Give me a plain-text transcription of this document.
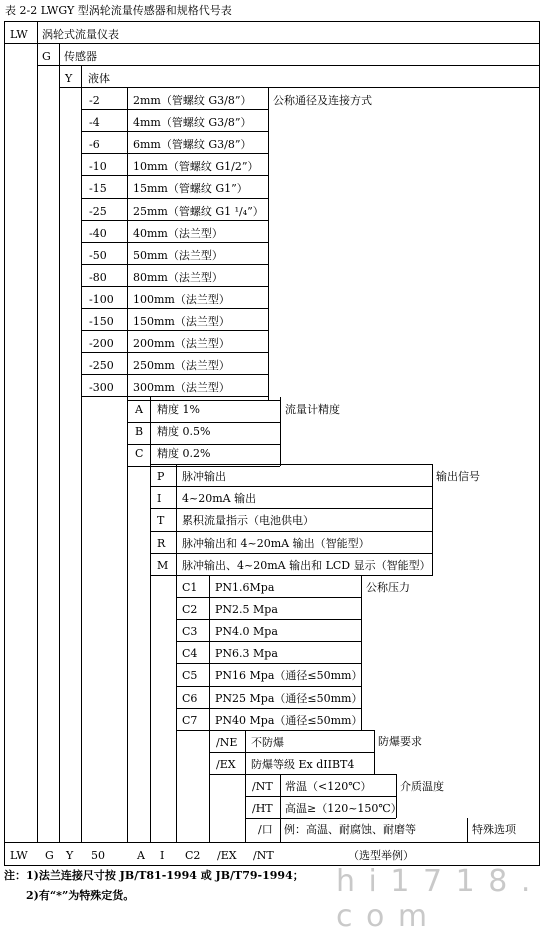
表 2-2 LWGY 型涡轮流量传感器和规格代号表
LW 涡轮式流量仪表
G 传感器
Y 液体
-2	2mm（管螺纹 G3/8”）
-4	4mm（管螺纹 G3/8”）
-6	6mm（管螺纹 G3/8”）
-10 10mm（管螺纹 G1/2”）
-15 15mm（管螺纹 G1”）
-25 25mm（管螺纹 G1 ¹/₄”）
-40 40mm（法兰型）
-50 50mm（法兰型）
-80 80mm（法兰型）
-100 100mm（法兰型）
-150 150mm（法兰型）
-200 200mm（法兰型）
-250 250mm（法兰型）
-300 300mm（法兰型）
公称通径及连接方式
A 精度 1%
B 精度 0.5%
C 精度 0.2%
流量计精度
P 脉冲输出
I 4~20mA 输出
T 累积流量指示（电池供电）
R 脉冲输出和 4~20mA 输出（智能型）
M 脉冲输出、4~20mA 输出和 LCD 显示（智能型）
输出信号
C1 PN1.6Mpa
C2 PN2.5 Mpa
C3 PN4.0 Mpa
C4 PN6.3 Mpa
C5 PN16 Mpa（通径≤50mm）
C6 PN25 Mpa（通径≤50mm）
C7 PN40 Mpa（通径≤50mm）
公称压力
/NE 不防爆
/EX 防爆等级 Ex dIIBT4
防爆要求
/NT 常温（<120℃）
/HT 高温≥（120~150℃）
介质温度
/口 例：高温、耐腐蚀、耐磨等	特殊选项
LW G Y 50	A I C2 /EX /NT	（选型举例）
注：1)法兰连接尺寸按 JB/T81-1994 或 JB/T79-1994；
2)有“*”为特殊定货。	h i 1 7 1 8 . c o m
